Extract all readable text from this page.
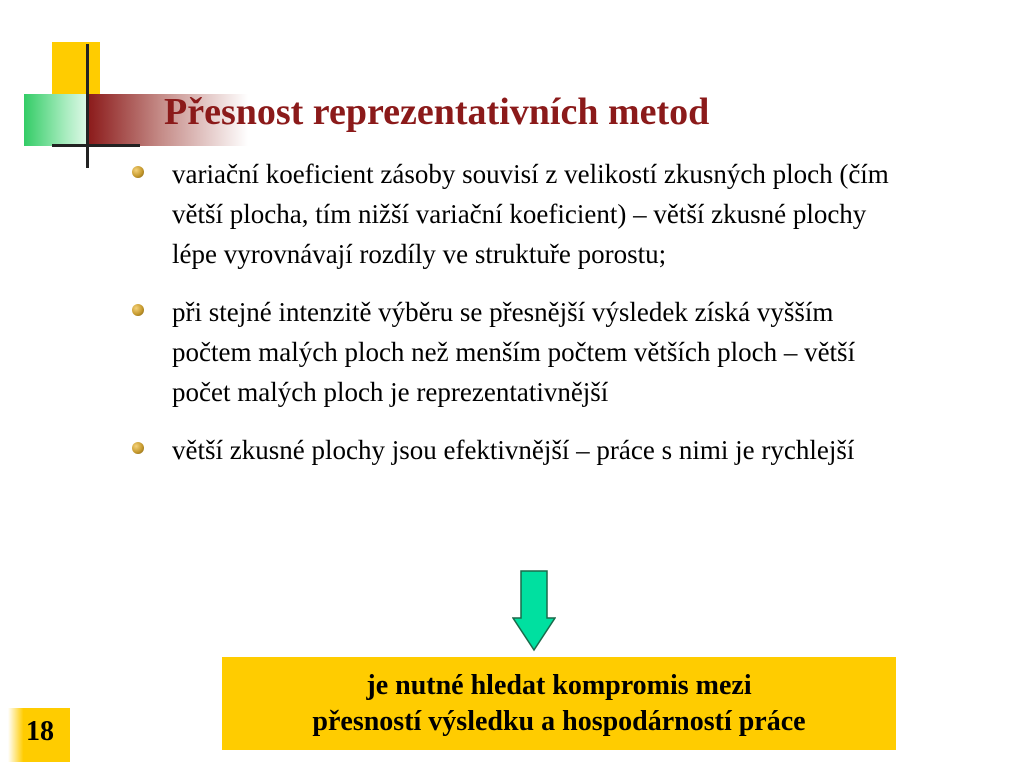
Přesnost reprezentativních metod
variační koeficient zásoby souvisí z velikostí zkusných ploch (čím větší plocha, tím nižší variační koeficient) – větší zkusné plochy lépe vyrovnávají rozdíly ve struktuře porostu;
při stejné intenzitě výběru se přesnější výsledek získá vyšším počtem malých ploch než menším počtem větších ploch – větší počet malých ploch je reprezentativnější
větší zkusné plochy jsou efektivnější – práce s nimi je rychlejší
je nutné hledat kompromis mezi
přesností výsledku a hospodárností práce
18
